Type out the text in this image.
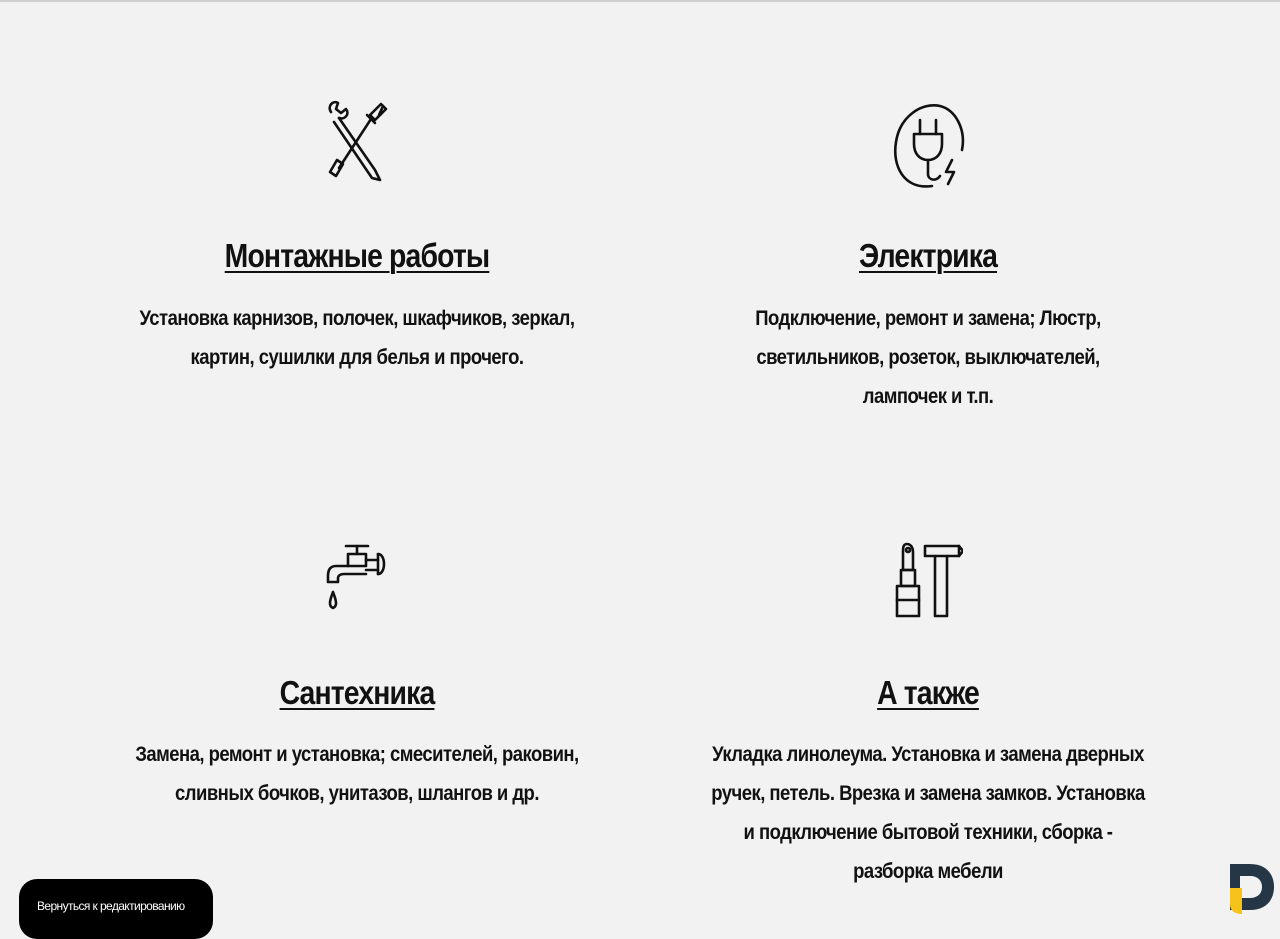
Монтажные работы

Установка карнизов, полочек, шкафчиков, зеркал, картин, сушилки для белья и прочего.

Электрика

Подключение, ремонт и замена; Люстр, светильников, розеток, выключателей, лампочек и т.п.

Сантехника

Замена, ремонт и установка; смесителей, раковин, сливных бочков, унитазов, шлангов и др.

А также

Укладка линолеума. Установка и замена дверных ручек, петель. Врезка и замена замков. Установка и подключение бытовой техники, сборка - разборка мебели

Вернуться к редактированию
